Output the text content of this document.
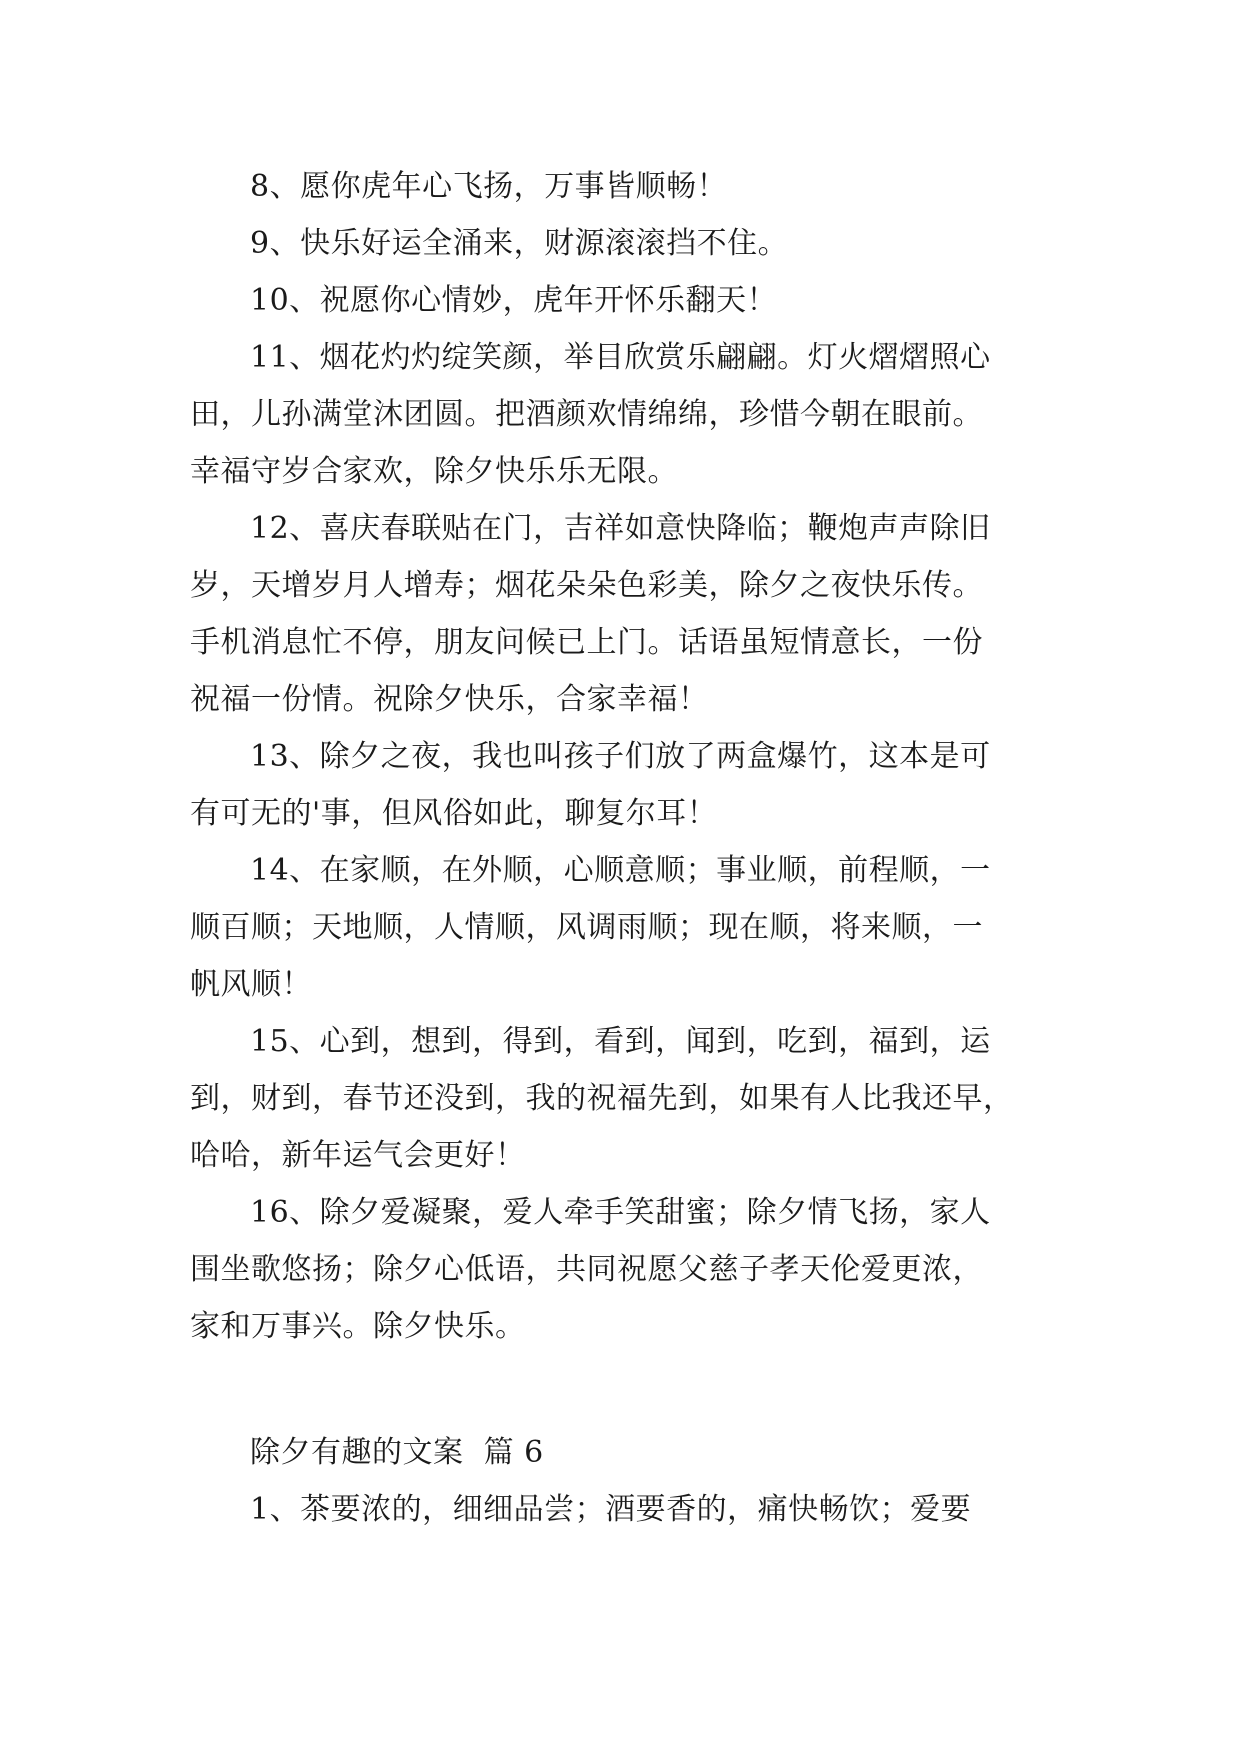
8、愿你虎年心飞扬，万事皆顺畅！

9、快乐好运全涌来，财源滚滚挡不住。

10、祝愿你心情妙，虎年开怀乐翻天！

11、烟花灼灼绽笑颜，举目欣赏乐翩翩。灯火熠熠照心
田，儿孙满堂沐团圆。把酒颜欢情绵绵，珍惜今朝在眼前。
幸福守岁合家欢，除夕快乐乐无限。

12、喜庆春联贴在门，吉祥如意快降临；鞭炮声声除旧
岁，天增岁月人增寿；烟花朵朵色彩美，除夕之夜快乐传。
手机消息忙不停，朋友问候已上门。话语虽短情意长，一份
祝福一份情。祝除夕快乐，合家幸福！

13、除夕之夜，我也叫孩子们放了两盒爆竹，这本是可
有可无的'事，但风俗如此，聊复尔耳！

14、在家顺，在外顺，心顺意顺；事业顺，前程顺，一
顺百顺；天地顺，人情顺，风调雨顺；现在顺，将来顺，一
帆风顺！

15、心到，想到，得到，看到，闻到，吃到，福到，运
到，财到，春节还没到，我的祝福先到，如果有人比我还早，
哈哈，新年运气会更好！

16、除夕爱凝聚，爱人牵手笑甜蜜；除夕情飞扬，家人
围坐歌悠扬；除夕心低语，共同祝愿父慈子孝天伦爱更浓，
家和万事兴。除夕快乐。

除夕有趣的文案  篇 6

1、茶要浓的，细细品尝；酒要香的，痛快畅饮；爱要
